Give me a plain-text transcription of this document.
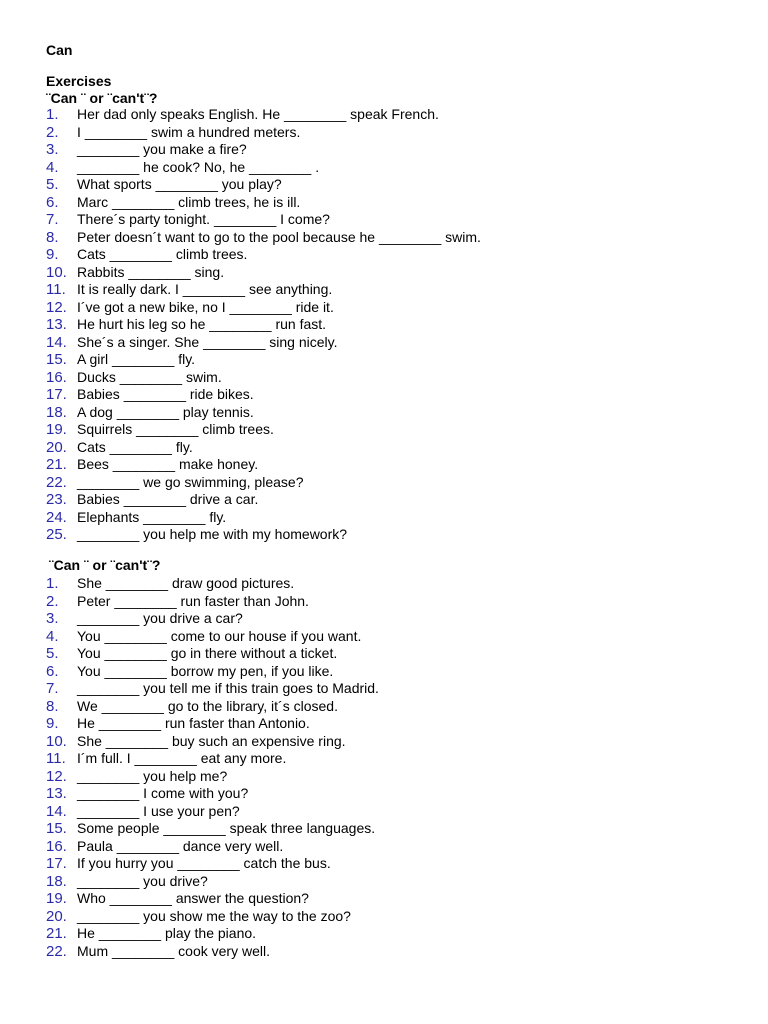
Can
Exercises
¨Can ¨ or ¨can't¨?
1.	Her dad only speaks English. He ________ speak French.
2.	I ________ swim a hundred meters.
3.	________ you make a fire?
4.	________ he cook? No, he ________ .
5.	What sports ________ you play?
6.	Marc ________ climb trees, he is ill.
7.	There´s party tonight. ________ I come?
8.	Peter doesn´t want to go to the pool because he ________ swim.
9.	Cats ________ climb trees.
10. Rabbits ________ sing.
11. It is really dark. I ________ see anything.
12. I´ve got a new bike, no I ________ ride it.
13. He hurt his leg so he ________ run fast.
14. She´s a singer. She ________ sing nicely.
15. A girl ________ fly.
16. Ducks ________ swim.
17. Babies ________ ride bikes.
18. A dog ________ play tennis.
19. Squirrels ________ climb trees.
20. Cats ________ fly.
21. Bees ________ make honey.
22. ________ we go swimming, please?
23. Babies ________ drive a car.
24. Elephants ________ fly.
25. ________ you help me with my homework?
¨Can ¨ or ¨can't¨?
1.	She ________ draw good pictures.
2.	Peter ________ run faster than John.
3.	________ you drive a car?
4.	You ________ come to our house if you want.
5.	You ________ go in there without a ticket.
6.	You ________ borrow my pen, if you like.
7.	________ you tell me if this train goes to Madrid.
8.	We ________ go to the library, it´s closed.
9.	He ________ run faster than Antonio.
10. She ________ buy such an expensive ring.
11. I´m full. I ________ eat any more.
12. ________ you help me?
13. ________ I come with you?
14. ________ I use your pen?
15. Some people ________ speak three languages.
16. Paula ________ dance very well.
17. If you hurry you ________ catch the bus.
18. ________ you drive?
19. Who ________ answer the question?
20. ________ you show me the way to the zoo?
21. He ________ play the piano.
22. Mum ________ cook very well.
